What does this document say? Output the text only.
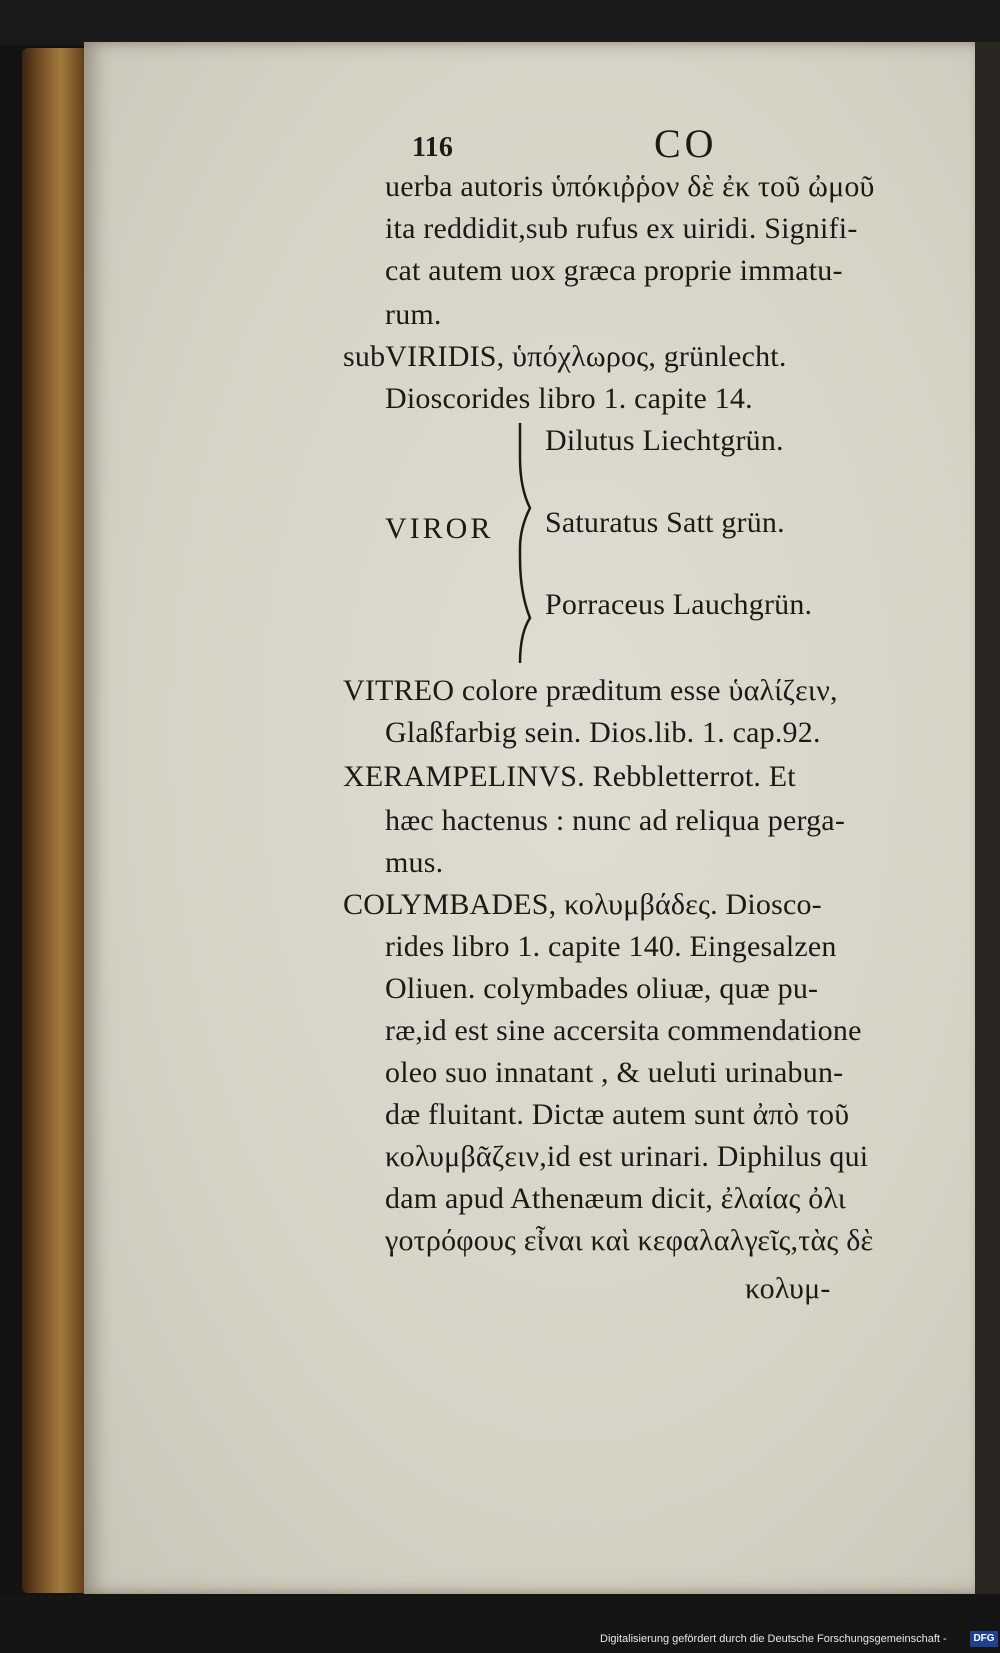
116	CO
uerba autoris ὑπόκιῤῥον δὲ ἐκ τοῦ ὠμοῦ
ita reddidit,sub rufus ex uiridi. Signifi-
cat autem uox græca proprie immatu-
rum.
subVIRIDIS, ὑπόχλωρος, grünlecht.
Dioscorides libro 1. capite 14.
Dilutus Liechtgrün.
VIROR Saturatus Satt grün.
Porraceus Lauchgrün.
VITREO colore præditum esse ὑαλίζειν,
Glaßfarbig sein. Dios.lib. 1. cap.92.
XERAMPELINVS. Rebbletterrot. Et
hæc hactenus : nunc ad reliqua perga-
mus.
COLYMBADES, κολυμβάδες. Diosco-
rides libro 1. capite 140. Eingesalzen
Oliuen. colymbades oliuæ, quæ pu-
ræ,id est sine accersita commendatione
oleo suo innatant , & ueluti urinabun-
dæ fluitant. Dictæ autem sunt ἀπὸ τοῦ
κολυμβᾶζειν,id est urinari. Diphilus qui
dam apud Athenæum dicit, ἐλαίας ὀλι
γοτρόφους εἶναι καὶ κεφαλαλγεῖς,τὰς δὲ
κολυμ-
Digitalisierung gefördert durch die Deutsche Forschungsgemeinschaft -	DFG
